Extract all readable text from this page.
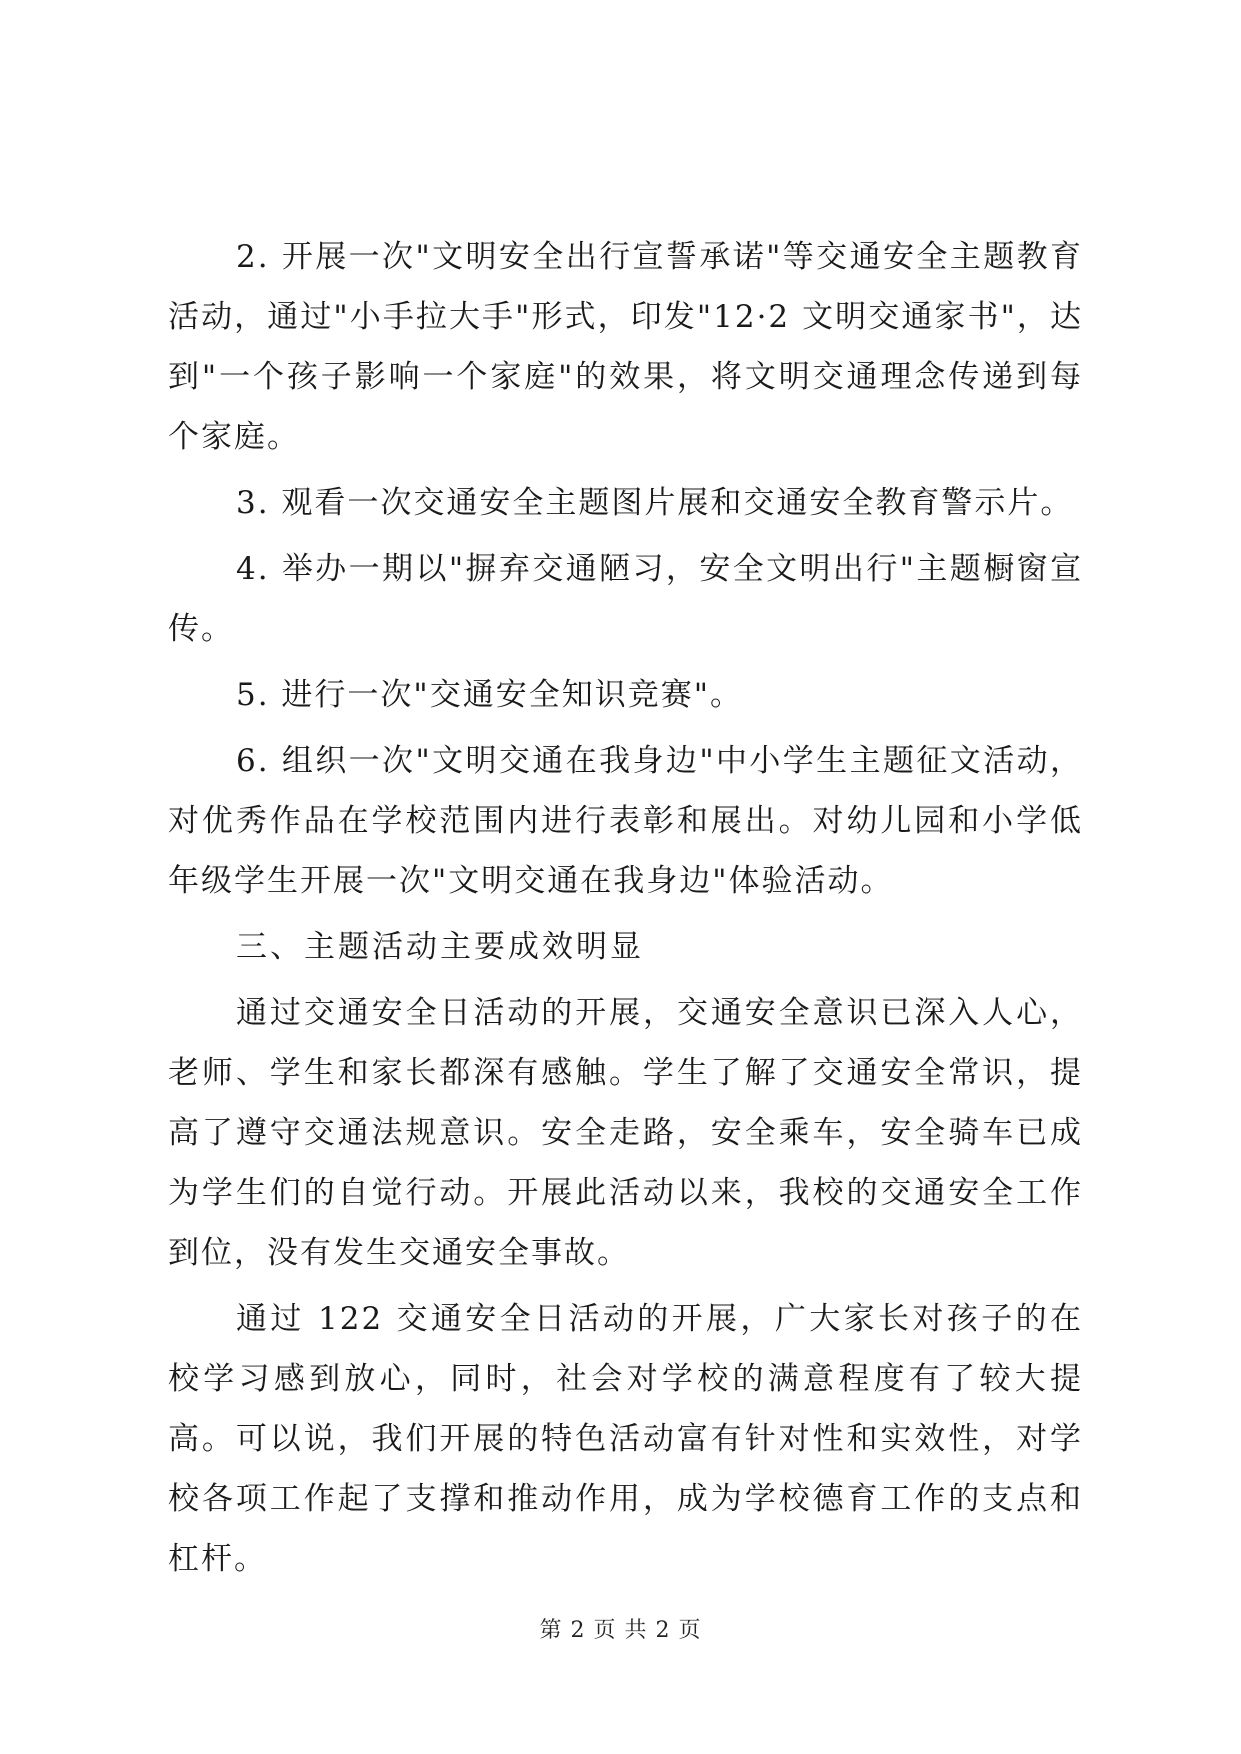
2. 开展一次"文明安全出行宣誓承诺"等交通安全主题教育活动，通过"小手拉大手"形式，印发"12·2 文明交通家书"，达到"一个孩子影响一个家庭"的效果，将文明交通理念传递到每个家庭。

3. 观看一次交通安全主题图片展和交通安全教育警示片。

4. 举办一期以"摒弃交通陋习，安全文明出行"主题橱窗宣传。

5. 进行一次"交通安全知识竞赛"。

6. 组织一次"文明交通在我身边"中小学生主题征文活动，对优秀作品在学校范围内进行表彰和展出。对幼儿园和小学低年级学生开展一次"文明交通在我身边"体验活动。

三、主题活动主要成效明显

通过交通安全日活动的开展，交通安全意识已深入人心，老师、学生和家长都深有感触。学生了解了交通安全常识，提高了遵守交通法规意识。安全走路，安全乘车，安全骑车已成为学生们的自觉行动。开展此活动以来，我校的交通安全工作到位，没有发生交通安全事故。

通过 122 交通安全日活动的开展，广大家长对孩子的在校学习感到放心，同时，社会对学校的满意程度有了较大提高。可以说，我们开展的特色活动富有针对性和实效性，对学校各项工作起了支撑和推动作用，成为学校德育工作的支点和杠杆。

第 2 页 共 2 页
